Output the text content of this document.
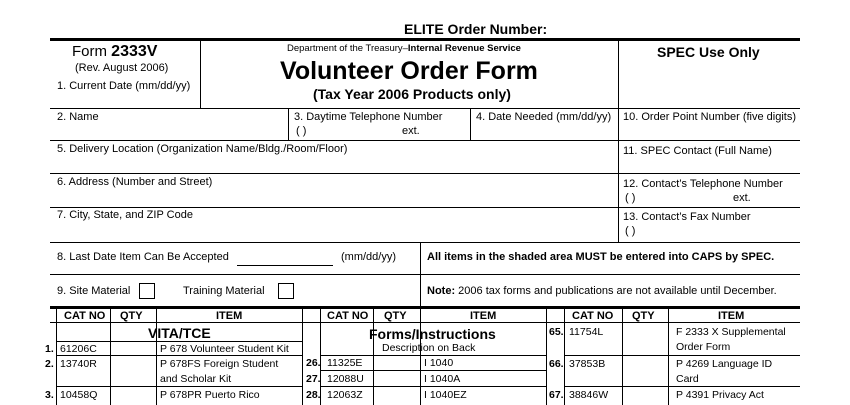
ELITE Order Number:
Form 2333V
(Rev. August 2006)
1. Current Date (mm/dd/yy)
Department of the Treasury–Internal Revenue Service
Volunteer Order Form
(Tax Year 2006 Products only)
SPEC Use Only
2. Name	3. Daytime Telephone Number
( )	ext.
4. Date Needed (mm/dd/yy) 10. Order Point Number (five digits)
5. Delivery Location (Organization Name/Bldg./Room/Floor)	11. SPEC Contact (Full Name)
6. Address (Number and Street)	12. Contact’s Telephone Number
( )	ext.
7. City, State, and ZIP Code	13. Contact’s Fax Number
( )
8. Last Date Item Can Be Accepted	(mm/dd/yy)	All items in the shaded area MUST be entered into CAPS by SPEC.
9. Site Material	Training Material	Note: 2006 tax forms and publications are not available until December.
CAT NO QTY	ITEM	CAT NO QTY	ITEM	CAT NO QTY	ITEM
VITA/TCE
1. 61206C	P 678 Volunteer Student Kit
2. 13740R	P 678FS Foreign Student
and Scholar Kit
3. 10458Q	P 678PR Puerto Rico
Forms/Instructions
Description on Back
26. 11325E	I 1040
27. 12088U	I 1040A
28. 12063Z	I 1040EZ
65. 11754L	F 2333 X Supplemental
Order Form
66. 37853B	P 4269 Language ID
Card
67. 38846W	P 4391 Privacy Act
